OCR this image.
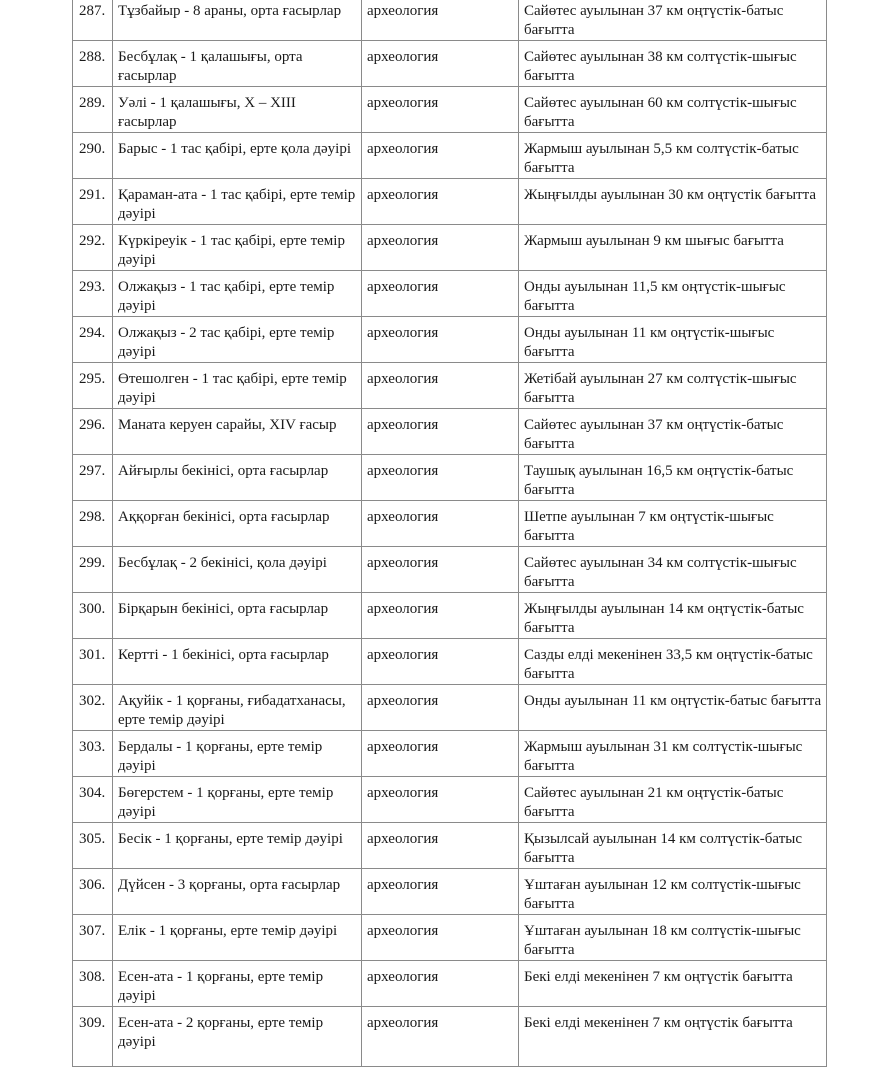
287.	Тұзбайыр - 8 араны, орта ғасырлар	археология	Сайөтес ауылынан 37 км оңтүстік-батыс бағытта
288.	Бесбұлақ - 1 қалашығы, орта ғасырлар	археология	Сайөтес ауылынан 38 км солтүстік-шығыс бағытта
289.	Уәлі - 1 қалашығы, X – XIII ғасырлар	археология	Сайөтес ауылынан 60 км солтүстік-шығыс бағытта
290.	Барыс - 1 тас қабірі, ерте қола дәуірі	археология	Жармыш ауылынан 5,5 км солтүстік-батыс бағытта
291.	Қараман-ата - 1 тас қабірі, ерте темір дәуірі	археология	Жыңғылды ауылынан 30 км оңтүстік бағытта
292.	Күркіреуік - 1 тас қабірі, ерте темір дәуірі	археология	Жармыш ауылынан 9 км шығыс бағытта
293.	Олжақыз - 1 тас қабірі, ерте темір дәуірі	археология	Онды ауылынан 11,5 км оңтүстік-шығыс бағытта
294.	Олжақыз - 2 тас қабірі, ерте темір дәуірі	археология	Онды ауылынан 11 км оңтүстік-шығыс бағытта
295.	Өтешолген - 1 тас қабірі, ерте темір дәуірі	археология	Жетібай ауылынан 27 км солтүстік-шығыс бағытта
296.	Маната керуен сарайы, XIV ғасыр	археология	Сайөтес ауылынан 37 км оңтүстік-батыс бағытта
297.	Айғырлы бекінісі, орта ғасырлар	археология	Таушық ауылынан 16,5 км оңтүстік-батыс бағытта
298.	Аққорған бекінісі, орта ғасырлар	археология	Шетпе ауылынан 7 км оңтүстік-шығыс бағытта
299.	Бесбұлақ - 2 бекінісі, қола дәуірі	археология	Сайөтес ауылынан 34 км солтүстік-шығыс бағытта
300.	Бірқарын бекінісі, орта ғасырлар	археология	Жыңғылды ауылынан 14 км оңтүстік-батыс бағытта
301.	Кертті - 1 бекінісі, орта ғасырлар	археология	Сазды елді мекенінен 33,5 км оңтүстік-батыс бағытта
302.	Ақуйік - 1 қорғаны, ғибадатханасы, ерте темір дәуірі	археология	Онды ауылынан 11 км оңтүстік-батыс бағытта
303.	Бердалы - 1 қорғаны, ерте темір дәуірі	археология	Жармыш ауылынан 31 км солтүстік-шығыс бағытта
304.	Бөгерстем - 1 қорғаны, ерте темір дәуірі	археология	Сайөтес ауылынан 21 км оңтүстік-батыс бағытта
305.	Бесік - 1 қорғаны, ерте темір дәуірі	археология	Қызылсай ауылынан 14 км солтүстік-батыс бағытта
306.	Дүйсен - 3 қорғаны, орта ғасырлар	археология	Ұштаған ауылынан 12 км солтүстік-шығыс бағытта
307.	Елік - 1 қорғаны, ерте темір дәуірі	археология	Ұштаған ауылынан 18 км солтүстік-шығыс бағытта
308.	Есен-ата - 1 қорғаны, ерте темір дәуірі	археология	Бекі елді мекенінен 7 км оңтүстік бағытта
309.	Есен-ата - 2 қорғаны, ерте темір дәуірі	археология	Бекі елді мекенінен 7 км оңтүстік бағытта
